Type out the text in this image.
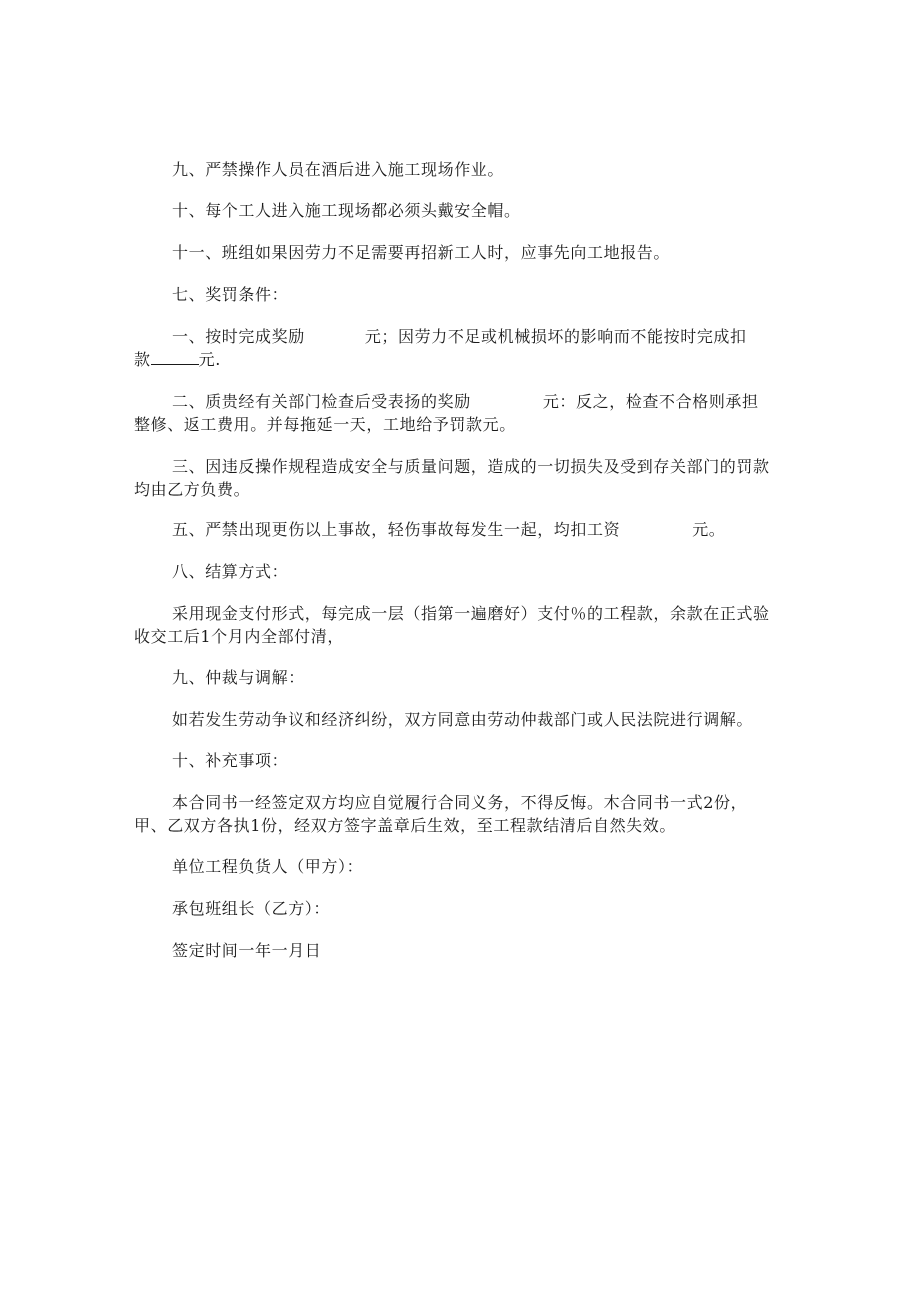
九、严禁操作人员在酒后进入施工现场作业。
十、每个工人进入施工现场都必须头戴安全帽。
十一、班组如果因劳力不足需要再招新工人时，应事先向工地报告。
七、奖罚条件：
一、按时完成奖励	元；因劳力不足或机械损坏的影响而不能按时完成扣
款	元.
二、质贵经有关部门检查后受表扬的奖励	元：反之，检查不合格则承担
整修、返工费用。并每拖延一天，工地给予罚款元。
三、因违反操作规程造成安全与质量问题，造成的一切损失及受到存关部门的罚款
均由乙方负费。
五、严禁出现更伤以上事故，轻伤事故每发生一起，均扣工资	元。
八、结算方式：
采用现金支付形式，每完成一层（指第一遍磨好）支付％的工程款，余款在正式验
收交工后1个月内全部付清，
九、仲裁与调解：
如若发生劳动争议和经济纠纷，双方同意由劳动仲裁部门或人民法院进行调解。
十、补充事项：
本合同书一经签定双方均应自觉履行合同义务，不得反悔。木合同书一式2份，
甲、乙双方各执1份，经双方签字盖章后生效，至工程款结清后自然失效。
单位工程负货人（甲方）：
承包班组长（乙方）：
签定时间一年一月日
